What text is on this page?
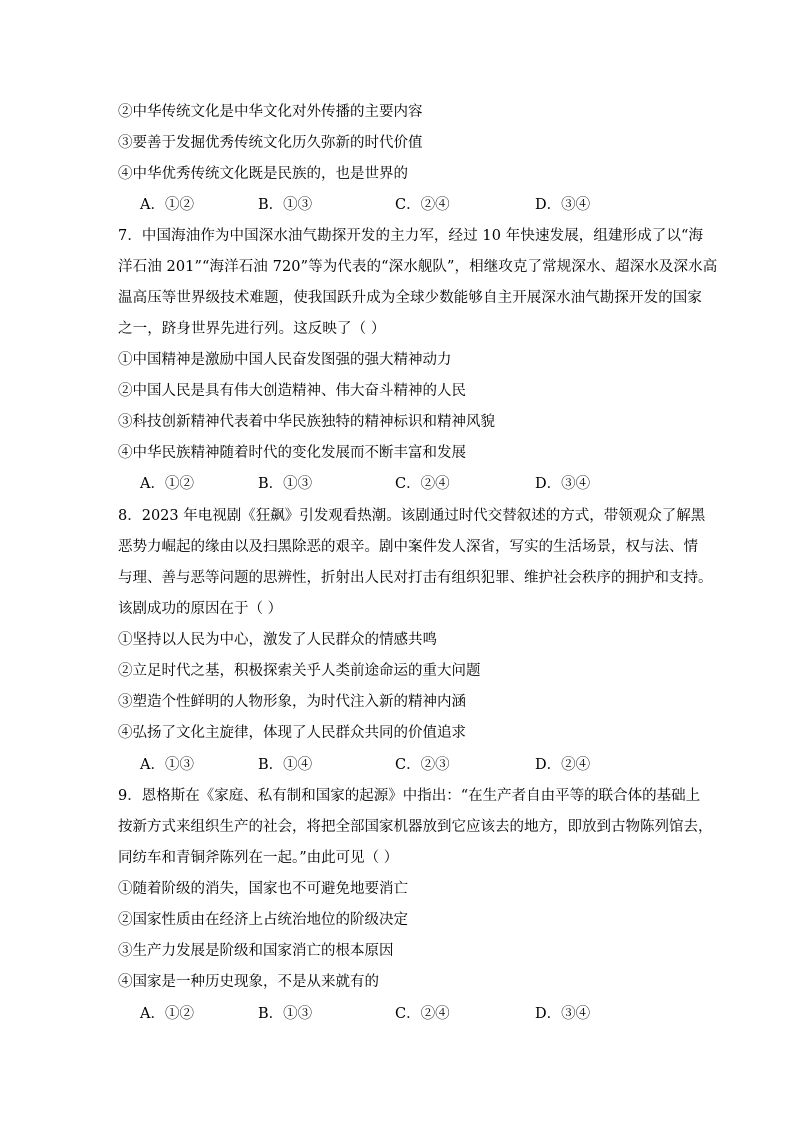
②中华传统文化是中华文化对外传播的主要内容
③要善于发掘优秀传统文化历久弥新的时代价值
④中华优秀传统文化既是民族的，也是世界的
A．①②	B．①③	C．②④	D．③④
7．中国海油作为中国深水油气勘探开发的主力军，经过 10 年快速发展，组建形成了以“海
洋石油 201”“海洋石油 720”等为代表的“深水舰队”，相继攻克了常规深水、超深水及深水高
温高压等世界级技术难题，使我国跃升成为全球少数能够自主开展深水油气勘探开发的国家
之一，跻身世界先进行列。这反映了（ ）
①中国精神是激励中国人民奋发图强的强大精神动力
②中国人民是具有伟大创造精神、伟大奋斗精神的人民
③科技创新精神代表着中华民族独特的精神标识和精神风貌
④中华民族精神随着时代的变化发展而不断丰富和发展
A．①②	B．①③	C．②④	D．③④
8．2023 年电视剧《狂飙》引发观看热潮。该剧通过时代交替叙述的方式，带领观众了解黑
恶势力崛起的缘由以及扫黑除恶的艰辛。剧中案件发人深省，写实的生活场景，权与法、情
与理、善与恶等问题的思辨性，折射出人民对打击有组织犯罪、维护社会秩序的拥护和支持。
该剧成功的原因在于（ ）
①坚持以人民为中心，激发了人民群众的情感共鸣
②立足时代之基，积极探索关乎人类前途命运的重大问题
③塑造个性鲜明的人物形象，为时代注入新的精神内涵
④弘扬了文化主旋律，体现了人民群众共同的价值追求
A．①③	B．①④	C．②③	D．②④
9．恩格斯在《家庭、私有制和国家的起源》中指出：“在生产者自由平等的联合体的基础上
按新方式来组织生产的社会，将把全部国家机器放到它应该去的地方，即放到古物陈列馆去，
同纺车和青铜斧陈列在一起。”由此可见（ ）
①随着阶级的消失，国家也不可避免地要消亡
②国家性质由在经济上占统治地位的阶级决定
③生产力发展是阶级和国家消亡的根本原因
④国家是一种历史现象，不是从来就有的
A．①②	B．①③	C．②④	D．③④
